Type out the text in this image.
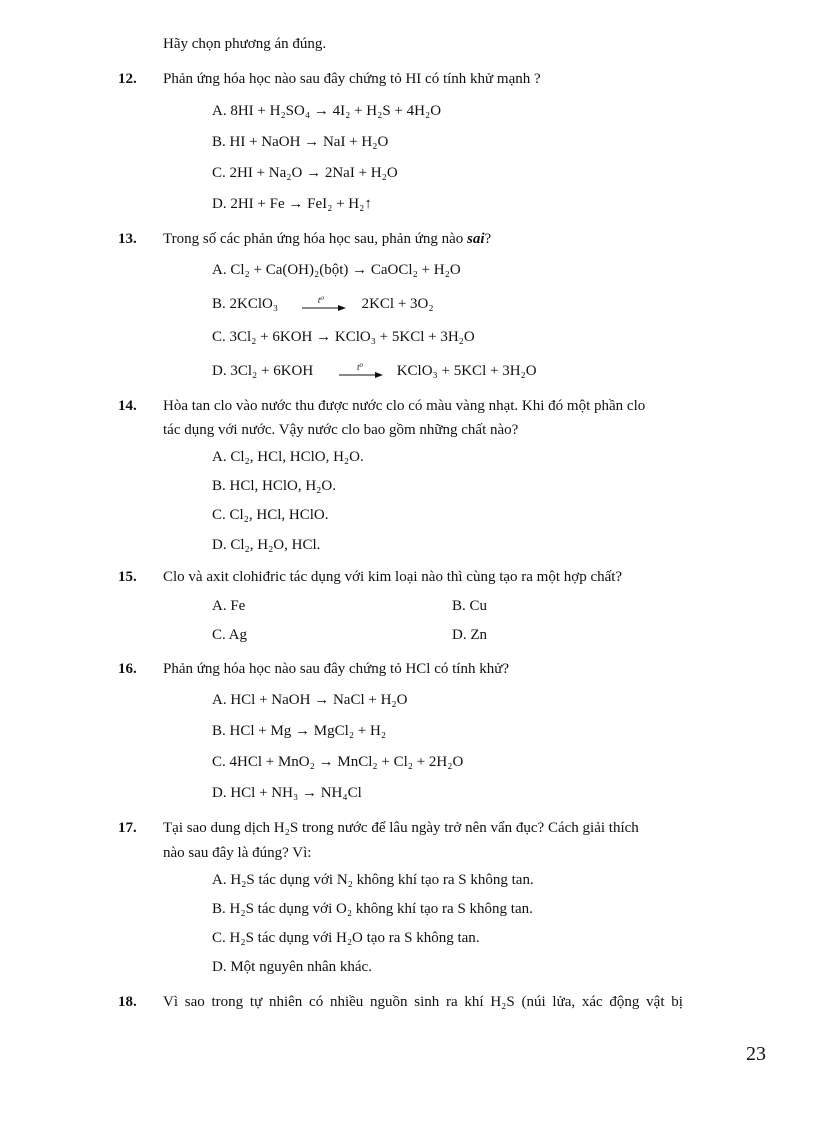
Hãy chọn phương án đúng.
12. Phản ứng hóa học nào sau đây chứng tỏ HI có tính khử mạnh ?
A. 8HI + H₂SO₄ → 4I₂ + H₂S + 4H₂O
B. HI + NaOH → NaI + H₂O
C. 2HI + Na₂O → 2NaI + H₂O
D. 2HI + Fe → FeI₂ + H₂↑
13. Trong số các phản ứng hóa học sau, phản ứng nào sai?
A. Cl₂ + Ca(OH)₂(bột) → CaOCl₂ + H₂O
B. 2KClO₃	t⁰	2KCl + 3O₂
C. 3Cl₂ + 6KOH → KClO₃ + 5KCl + 3H₂O
D. 3Cl₂ + 6KOH	t⁰ KClO₃ + 5KCl + 3H₂O
14. Hòa tan clo vào nước thu được nước clo có màu vàng nhạt. Khi đó một phần clo
tác dụng với nước. Vậy nước clo bao gồm những chất nào?
A. Cl₂, HCl, HClO, H₂O.
B. HCl, HClO, H₂O.
C. Cl₂, HCl, HClO.
D. Cl₂, H₂O, HCl.
15. Clo và axit clohiđric tác dụng với kim loại nào thì cùng tạo ra một hợp chất?
A. Fe	B. Cu
C. Ag	D. Zn
16. Phản ứng hóa học nào sau đây chứng tỏ HCl có tính khử?
A. HCl + NaOH → NaCl + H₂O
B. HCl + Mg → MgCl₂ + H₂
C. 4HCl + MnO₂ → MnCl₂ + Cl₂ + 2H₂O
D. HCl + NH₃ → NH₄Cl
17. Tại sao dung dịch H₂S trong nước để lâu ngày trở nên vẩn đục? Cách giải thích
nào sau đây là đúng? Vì:
A. H₂S tác dụng với N₂ không khí tạo ra S không tan.
B. H₂S tác dụng với O₂ không khí tạo ra S không tan.
C. H₂S tác dụng với H₂O tạo ra S không tan.
D. Một nguyên nhân khác.
18. Vì sao trong tự nhiên có nhiều nguồn sinh ra khí H₂S (núi lửa, xác động vật bị
23
